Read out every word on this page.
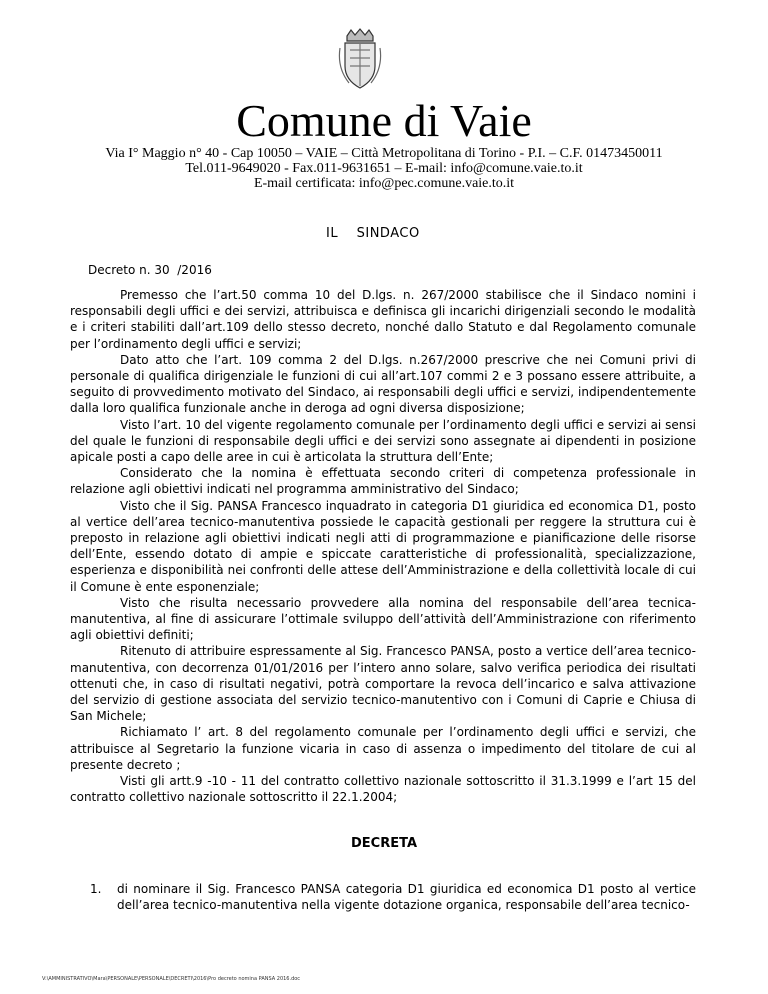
Comune di Vaie
Via I° Maggio n° 40 - Cap 10050 – VAIE – Città Metropolitana di Torino - P.I. – C.F. 01473450011
Tel.011-9649020 - Fax.011-9631651 – E-mail: info@comune.vaie.to.it
E-mail certificata: info@pec.comune.vaie.to.it
IL    SINDACO
Decreto n. 30  /2016

Premesso che l’art.50 comma 10 del D.lgs. n. 267/2000 stabilisce che il Sindaco nomini i responsabili degli uffici e dei servizi, attribuisca e definisca gli incarichi dirigenziali secondo le modalità e i criteri stabiliti dall’art.109 dello stesso decreto, nonché dallo Statuto e dal Regolamento comunale per l’ordinamento degli uffici e servizi;

Dato atto che l’art. 109 comma 2 del D.lgs. n.267/2000 prescrive che nei Comuni privi di personale di qualifica dirigenziale le funzioni di cui all’art.107 commi 2 e 3 possano essere attribuite, a seguito di provvedimento motivato del Sindaco, ai responsabili degli uffici e servizi, indipendentemente dalla loro qualifica funzionale anche in deroga ad ogni diversa disposizione;

Visto l’art. 10 del vigente regolamento comunale per l’ordinamento degli uffici e servizi ai sensi del quale le funzioni di responsabile degli uffici e dei servizi sono assegnate ai dipendenti in posizione apicale posti a capo delle aree in cui è articolata la struttura dell’Ente;

Considerato che la nomina è effettuata secondo criteri di competenza professionale in relazione agli obiettivi indicati nel programma amministrativo del Sindaco;

Visto che il Sig. PANSA Francesco inquadrato in categoria D1 giuridica ed economica D1, posto al vertice dell’area tecnico-manutentiva possiede le capacità gestionali per reggere la struttura cui è preposto in relazione agli obiettivi indicati negli atti di programmazione e pianificazione delle risorse dell’Ente, essendo dotato di ampie e spiccate caratteristiche di professionalità, specializzazione, esperienza e disponibilità nei confronti delle attese dell’Amministrazione e della collettività locale di cui il Comune è ente esponenziale;

Visto che risulta necessario provvedere alla nomina del responsabile dell’area tecnica-manutentiva, al fine di assicurare l’ottimale sviluppo dell’attività dell’Amministrazione con riferimento agli obiettivi definiti;

Ritenuto di attribuire espressamente al Sig. Francesco PANSA, posto a vertice dell’area tecnico-manutentiva, con decorrenza 01/01/2016 per l’intero anno solare, salvo verifica periodica dei risultati ottenuti che, in caso di risultati negativi, potrà comportare la revoca dell’incarico e salva attivazione del servizio di gestione associata del servizio tecnico-manutentivo con i Comuni di Caprie e Chiusa di San Michele;

Richiamato l’ art. 8 del regolamento comunale per l’ordinamento degli uffici e servizi, che attribuisce al Segretario la funzione vicaria in caso di assenza o impedimento del titolare de cui al presente decreto ;

Visti gli artt.9 -10 - 11 del contratto collettivo nazionale sottoscritto il 31.3.1999 e l’art 15 del contratto collettivo nazionale sottoscritto il 22.1.2004;

DECRETA
1. di nominare il Sig. Francesco PANSA categoria D1 giuridica ed economica D1 posto al vertice dell’area tecnico-manutentiva nella vigente dotazione organica, responsabile dell’area tecnico-
V:\AMMINISTRATIVO\Mara\PERSONALE\PERSONALE\DECRETI\2016\Pro decreto nomina PANSA 2016.doc
